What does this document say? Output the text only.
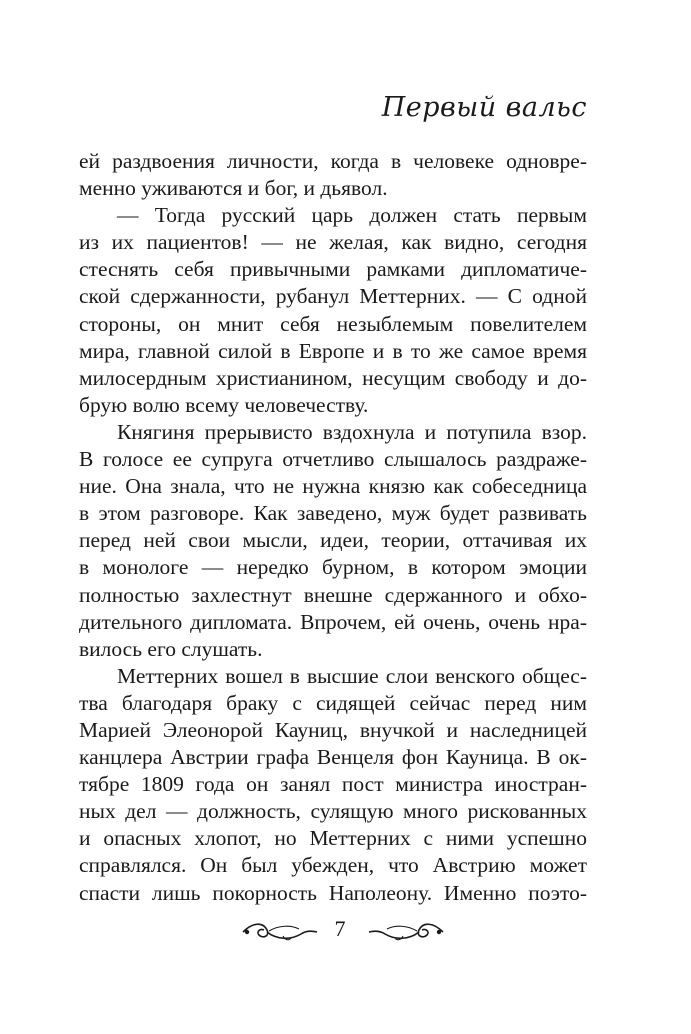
Первый вальс
ей раздвоения личности, когда в человеке одновре-
менно уживаются и бог, и дьявол.
— Тогда русский царь должен стать первым
из их пациентов! — не желая, как видно, сегодня
стеснять себя привычными рамками дипломатиче-
ской сдержанности, рубанул Меттерних. — С одной
стороны, он мнит себя незыблемым повелителем
мира, главной силой в Европе и в то же самое время
милосердным христианином, несущим свободу и до-
брую волю всему человечеству.
Княгиня прерывисто вздохнула и потупила взор.
В голосе ее супруга отчетливо слышалось раздраже-
ние. Она знала, что не нужна князю как собеседница
в этом разговоре. Как заведено, муж будет развивать
перед ней свои мысли, идеи, теории, оттачивая их
в монологе — нередко бурном, в котором эмоции
полностью захлестнут внешне сдержанного и обхо-
дительного дипломата. Впрочем, ей очень, очень нра-
вилось его слушать.
Меттерних вошел в высшие слои венского общес-
тва благодаря браку с сидящей сейчас перед ним
Марией Элеонорой Кауниц, внучкой и наследницей
канцлера Австрии графа Венцеля фон Кауница. В ок-
тябре 1809 года он занял пост министра иностран-
ных дел — должность, сулящую много рискованных
и опасных хлопот, но Меттерних с ними успешно
справлялся. Он был убежден, что Австрию может
спасти лишь покорность Наполеону. Именно поэто-
7
